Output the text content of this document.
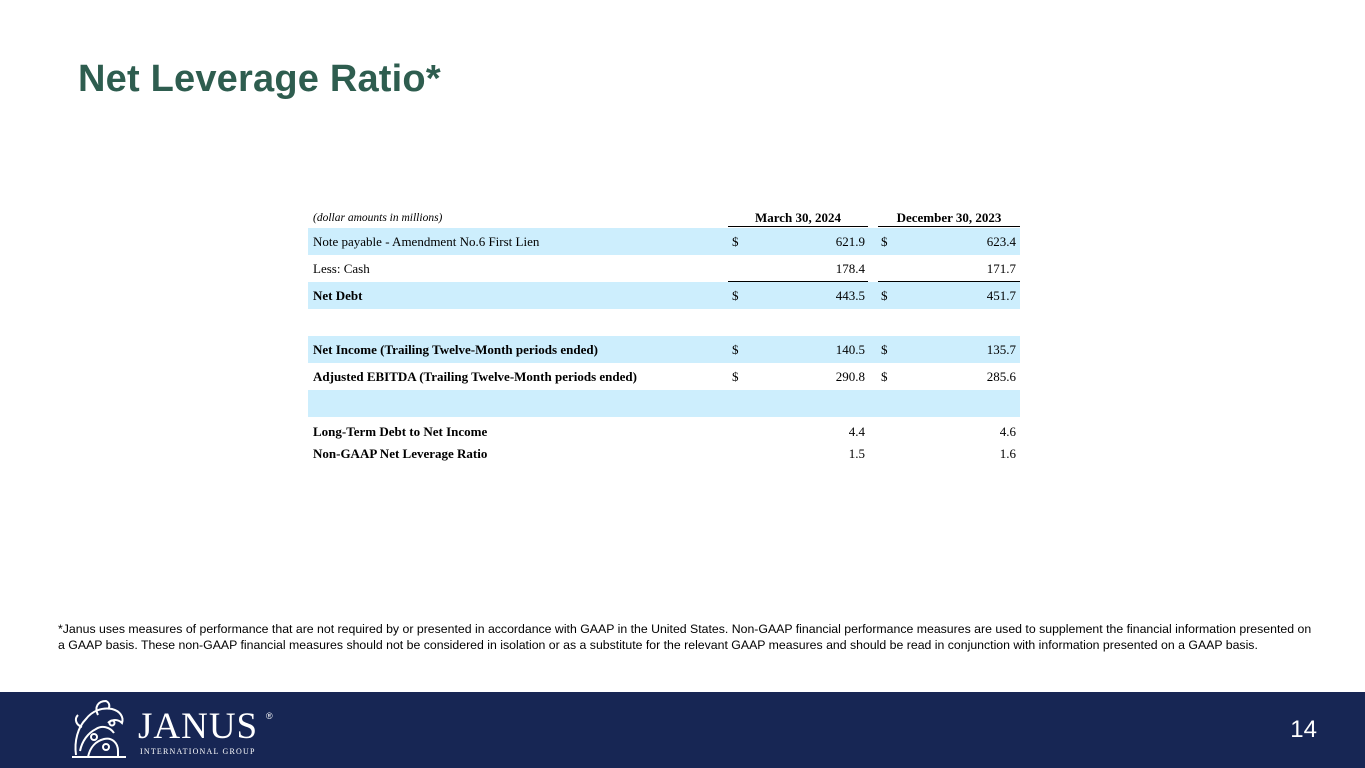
Net Leverage Ratio*
(dollar amounts in millions)	March 30, 2024	December 30, 2023
Note payable - Amendment No.6 First Lien	$	621.9 $	623.4
Less: Cash	178.4	171.7
Net Debt	$	443.5 $	451.7
Net Income (Trailing Twelve-Month periods ended)	$	140.5 $	135.7
Adjusted EBITDA (Trailing Twelve-Month periods ended)	$	290.8 $	285.6
Long-Term Debt to Net Income	4.4	4.6
Non-GAAP Net Leverage Ratio	1.5	1.6
*Janus uses measures of performance that are not required by or presented in accordance with GAAP in the United States. Non-GAAP financial performance measures are used to supplement the financial information presented on a GAAP basis. These non-GAAP financial measures should not be considered in isolation or as a substitute for the relevant GAAP measures and should be read in conjunction with information presented on a GAAP basis.
JANUS ®
INTERNATIONAL GROUP
14
